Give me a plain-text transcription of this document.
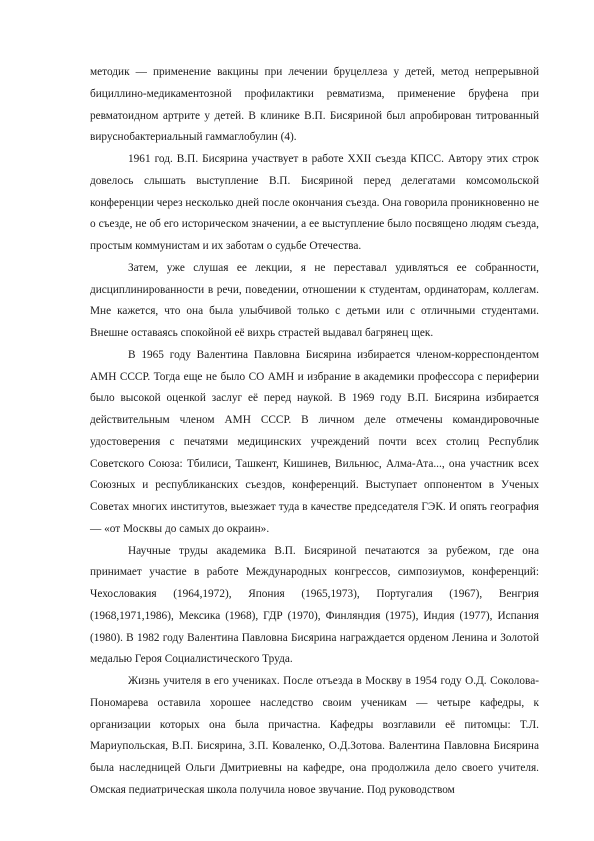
методик — применение вакцины при лечении бруцеллеза у детей, метод непрерывной бициллино-медикаментозной профилактики ревматизма, применение бруфена при ревматоидном артрите у детей. В клинике В.П. Бисяриной был апробирован титрованный вируснобактериальный гаммаглобулин (4).

1961 год. В.П. Бисярина участвует в работе XXII съезда КПСС. Автору этих строк довелось слышать выступление В.П. Бисяриной перед делегатами комсомольской конференции через несколько дней после окончания съезда. Она говорила проникновенно не о съезде, не об его историческом значении, а ее выступление было посвящено людям съезда, простым коммунистам и их заботам о судьбе Отечества.

Затем, уже слушая ее лекции, я не переставал удивляться ее собранности, дисциплинированности в речи, поведении, отношении к студентам, ординаторам, коллегам. Мне кажется, что она была улыбчивой только с детьми или с отличными студентами. Внешне оставаясь спокойной её вихрь страстей выдавал багрянец щек.

В 1965 году Валентина Павловна Бисярина избирается членом-корреспондентом АМН СССР. Тогда еще не было СО АМН и избрание в академики профессора с периферии было высокой оценкой заслуг её перед наукой. В 1969 году В.П. Бисярина избирается действительным членом АМН СССР. В личном деле отмечены командировочные удостоверения с печатями медицинских учреждений почти всех столиц Республик Советского Союза: Тбилиси, Ташкент, Кишинев, Вильнюс, Алма-Ата..., она участник всех Союзных и республиканских съездов, конференций. Выступает оппонентом в Ученых Советах многих институтов, выезжает туда в качестве председателя ГЭК. И опять география — «от Москвы до самых до окраин».

Научные труды академика В.П. Бисяриной печатаются за рубежом, где она принимает участие в работе Международных конгрессов, симпозиумов, конференций: Чехословакия (1964,1972), Япония (1965,1973), Португалия (1967), Венгрия (1968,1971,1986), Мексика (1968), ГДР (1970), Финляндия (1975), Индия (1977), Испания (1980). В 1982 году Валентина Павловна Бисярина награждается орденом Ленина и Золотой медалью Героя Социалистического Труда.

Жизнь учителя в его учениках. После отъезда в Москву в 1954 году О.Д. Соколова-Пономарева оставила хорошее наследство своим ученикам — четыре кафедры, к организации которых она была причастна. Кафедры возглавили её питомцы: Т.Л. Мариупольская, В.П. Бисярина, З.П. Коваленко, О.Д.Зотова. Валентина Павловна Бисярина была наследницей Ольги Дмитриевны на кафедре, она продолжила дело своего учителя. Омская педиатрическая школа получила новое звучание. Под руководством
